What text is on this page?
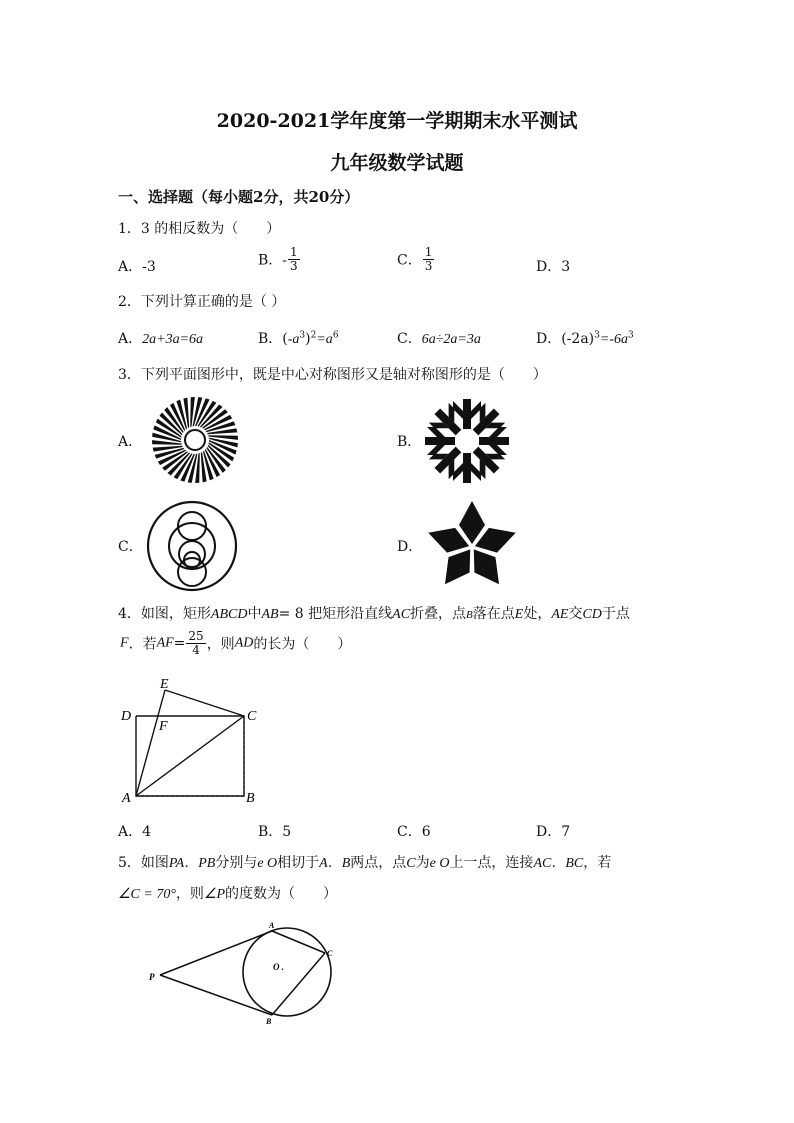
2020-2021学年度第一学期期末水平测试
九年级数学试题
一、选择题（每小题2分，共20分）
1．3 的相反数为（　　）
A．-3	B．- $\frac{1}{3}$	C． $\frac{1}{3}$	D．3
2．下列计算正确的是（ ）
A．2a+3a=6a	B．$(-a^3)^2=a^6$	C．6a÷2a=3a	D．$(-2a)^3=-6a^3$
3．下列平面图形中，既是中心对称图形又是轴对称图形的是（　　）
A．	B．
C．	D．
4．如图，矩形ABCD中AB= 8 把矩形沿直线AC折叠，点B落在点E处，AE交CD于点
F．若$AF= \frac{25}{4}$ ，则AD的长为（　　）
E
D	C
F
A	B
A．4	B．5	C．6	D．7
5．如图PA．PB分别与e O相切于A．B两点，点C为e O上一点，连接AC．BC，若
∠C = 70°，则∠P的度数为（　　）
P
A
B
C
O .
